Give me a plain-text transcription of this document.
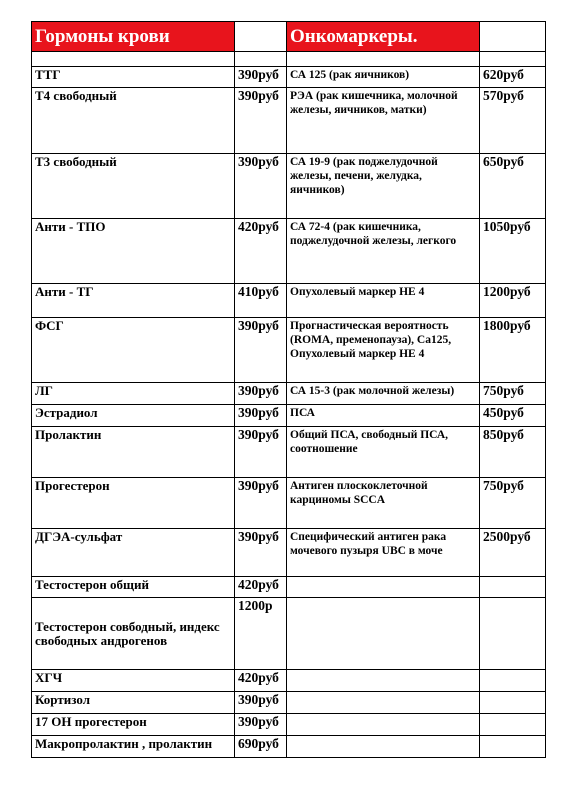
Гормоны крови		Онкомаркеры.	

ТТГ	390руб	СА 125 (рак яичников)	620руб
Т4 свободный	390руб	РЭА (рак кишечника, молочной железы, яичников, матки)	570руб
Т3 свободный	390руб	СА 19-9 (рак поджелудочной железы, печени, желудка, яичников)	650руб
Анти - ТПО	420руб	СА 72-4 (рак кишечника, поджелудочной железы, легкого	1050руб
Анти - ТГ	410руб	Опухолевый маркер НЕ 4	1200руб
ФСГ	390руб	Прогнастическая вероятность (ROMA, пременопауза), Са125, Опухолевый маркер НЕ 4	1800руб
ЛГ	390руб	СА 15-3 (рак молочной железы)	750руб
Эстрадиол	390руб	ПСА	450руб
Пролактин	390руб	Общий ПСА, свободный ПСА, соотношение	850руб
Прогестерон	390руб	Антиген плоскоклеточной карциномы SCCA	750руб
ДГЭА-сульфат	390руб	Специфический антиген рака мочевого пузыря UBC в моче	2500руб
Тестостерон общий	420руб		
Тестостерон совбодный, индекс свободных андрогенов	1200р		
ХГЧ	420руб		
Кортизол	390руб		
17 ОН прогестерон	390руб		
Макропролактин , пролактин	690руб		
